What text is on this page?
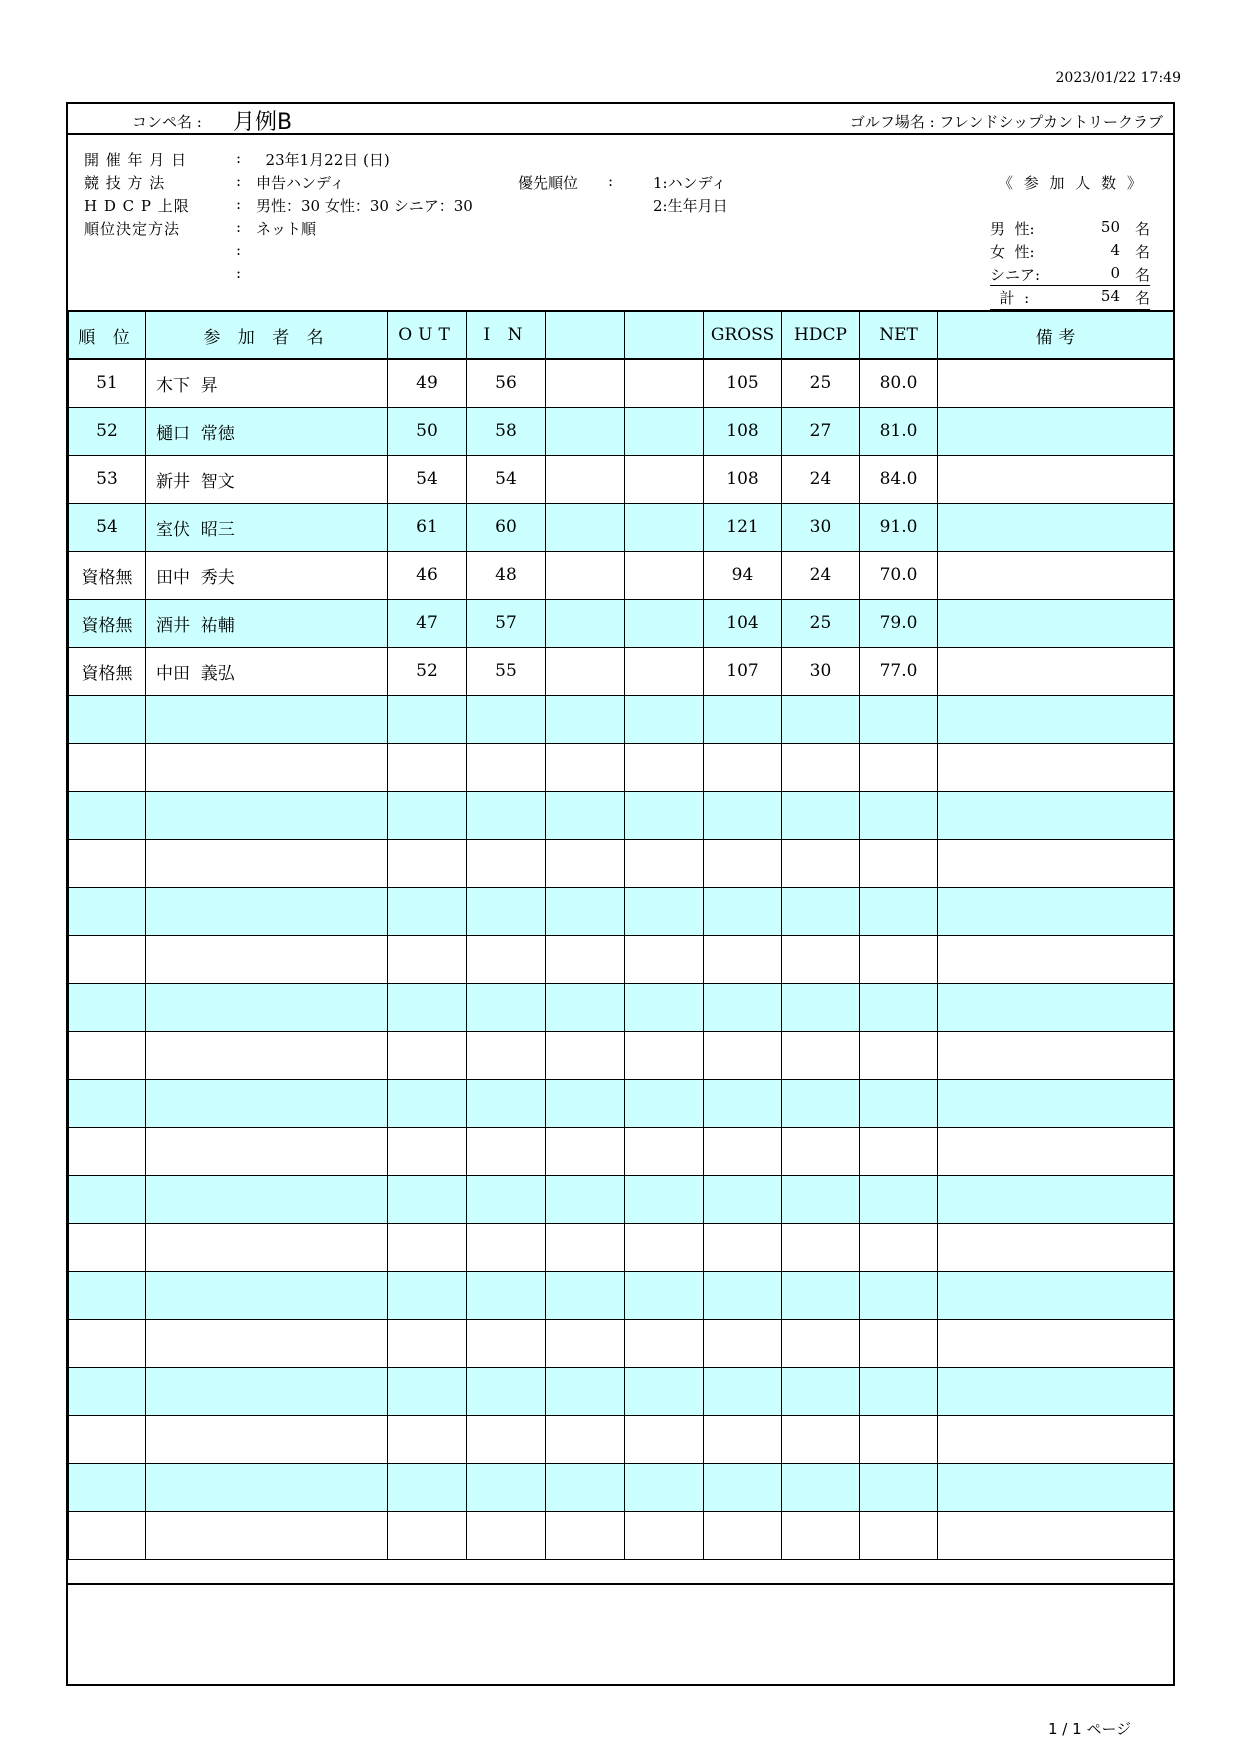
2023/01/22 17:49
コンペ名 : 月例B	ゴルフ場名 : フレンドシップカントリークラブ
開 催 年 月 日	: 23年1月22日 (日)
競 技 方 法	: 申告ハンディ
H D C P 上限	: 男性：30 女性：30 シニア：30
順位決定方法	: ネット順
:
:
優先順位 :	1:ハンディ
2:生年月日
《 参 加 人 数 》
男  性:	50 名
女  性:	4 名
シニア:	0 名
計  :	54 名
順 位	参 加 者 名	OUT	I N			GROSS	HDCP	NET	備 考
51	木下  昇	49	56			105	25	80.0	
52	樋口  常徳	50	58			108	27	81.0	
53	新井  智文	54	54			108	24	84.0	
54	室伏  昭三	61	60			121	30	91.0	
資格無	田中  秀夫	46	48			94	24	70.0	
資格無	酒井  祐輔	47	57			104	25	79.0	
資格無	中田  義弘	52	55			107	30	77.0	

1 / 1 ページ
